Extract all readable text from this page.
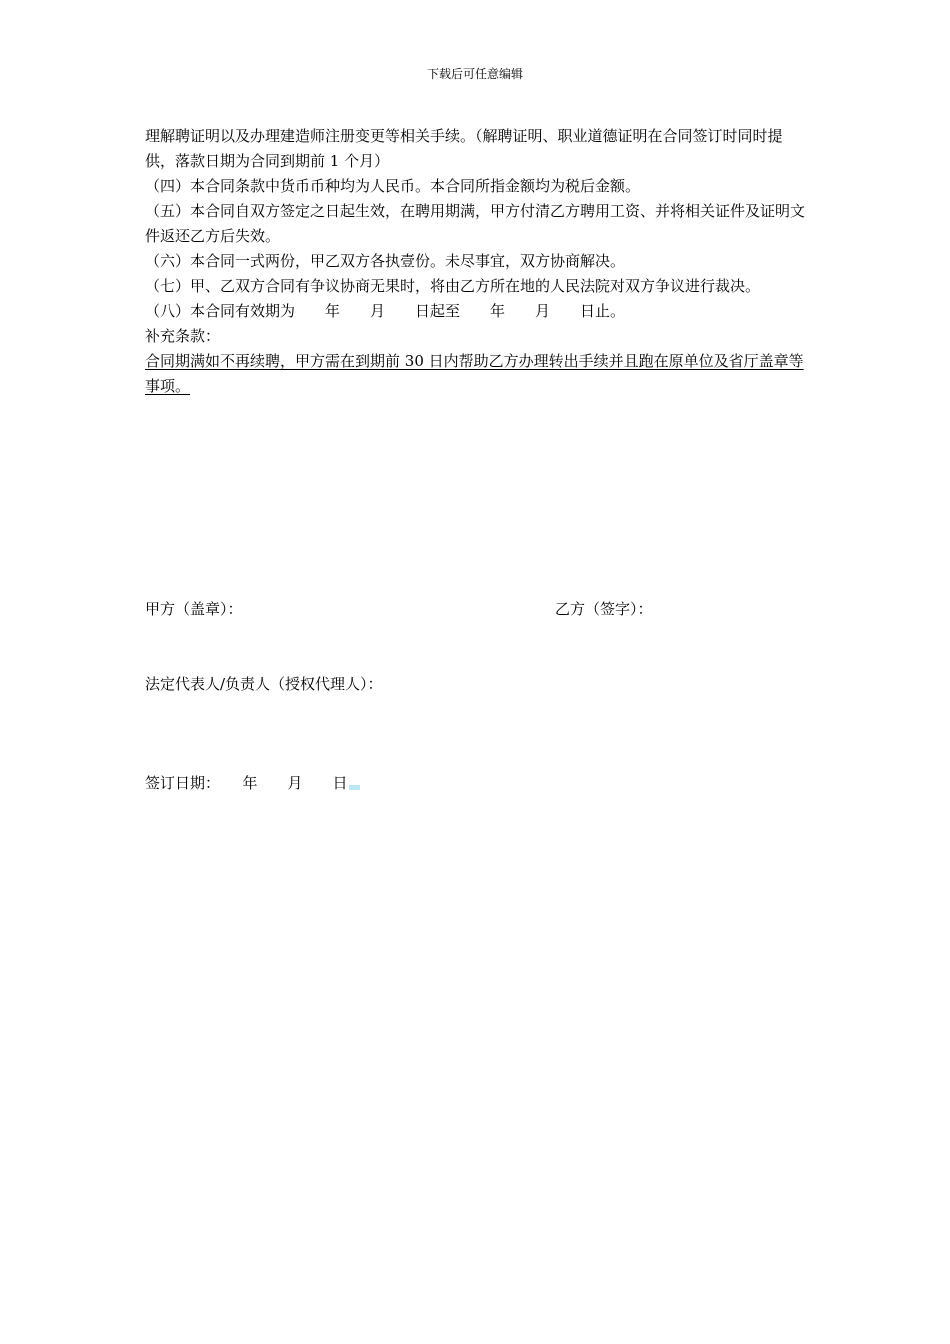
下载后可任意编辑

理解聘证明以及办理建造师注册变更等相关手续。（解聘证明、职业道德证明在合同签订时同时提供，落款日期为合同到期前 1 个月）

（四）本合同条款中货币币种均为人民币。本合同所指金额均为税后金额。

（五）本合同自双方签定之日起生效，在聘用期满，甲方付清乙方聘用工资、并将相关证件及证明文件返还乙方后失效。

（六）本合同一式两份，甲乙双方各执壹份。未尽事宜，双方协商解决。

（七）甲、乙双方合同有争议协商无果时，将由乙方所在地的人民法院对双方争议进行裁决。

（八）本合同有效期为　　年　　月　　日起至　　年　　月　　日止。

补充条款：

合同期满如不再续聘，甲方需在到期前 30 日内帮助乙方办理转出手续并且跑在原单位及省厅盖章等事项。

甲方（盖章）：	乙方（签字）：
法定代表人/负责人（授权代理人）：
签订日期：　　年　　月　　日
